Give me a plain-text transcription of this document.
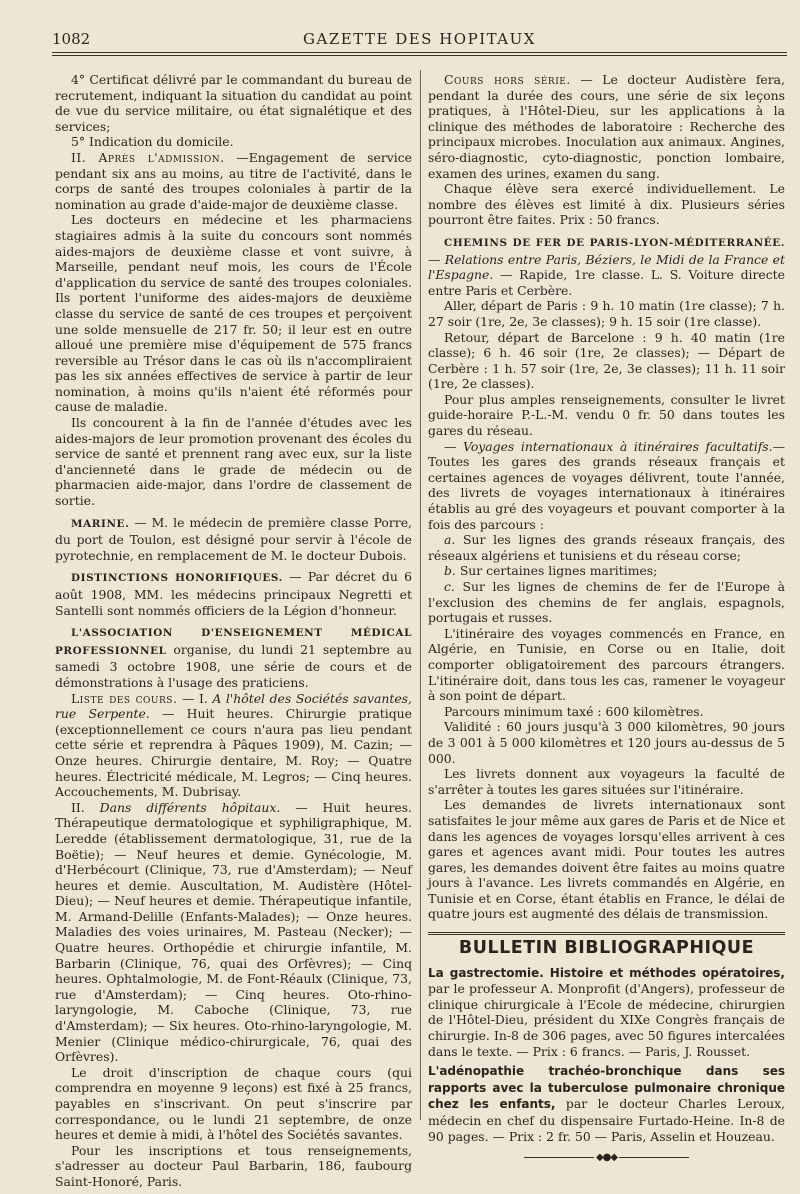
1082	GAZETTE DES HOPITAUX

4° Certificat délivré par le commandant du bureau de recrutement, indiquant la situation du candidat au point de vue du service militaire, ou état signalétique et des services;

5° Indication du domicile.

II. Après l'admission. —Engagement de service pendant six ans au moins, au titre de l'activité, dans le corps de santé des troupes coloniales à partir de la nomination au grade d'aide-major de deuxième classe.

Les docteurs en médecine et les pharmaciens stagiaires admis à la suite du concours sont nommés aides-majors de deuxième classe et vont suivre, à Marseille, pendant neuf mois, les cours de l'École d'application du service de santé des troupes coloniales. Ils portent l'uniforme des aides-majors de deuxième classe du service de santé de ces troupes et perçoivent une solde mensuelle de 217 fr. 50; il leur est en outre alloué une première mise d'équipement de 575 francs reversible au Trésor dans le cas où ils n'accompliraient pas les six années effectives de service à partir de leur nomination, à moins qu'ils n'aient été réformés pour cause de maladie.

Ils concourent à la fin de l'année d'études avec les aides-majors de leur promotion provenant des écoles du service de santé et prennent rang avec eux, sur la liste d'ancienneté dans le grade de médecin ou de pharmacien aide-major, dans l'ordre de classement de sortie.

MARINE. — M. le médecin de première classe Porre, du port de Toulon, est désigné pour servir à l'école de pyrotechnie, en remplacement de M. le docteur Dubois.

DISTINCTIONS HONORIFIQUES. — Par décret du 6 août 1908, MM. les médecins principaux Negretti et Santelli sont nommés officiers de la Légion d'honneur.

L'ASSOCIATION D'ENSEIGNEMENT MÉDICAL PROFESSIONNEL organise, du lundi 21 septembre au samedi 3 octobre 1908, une série de cours et de démonstrations à l'usage des praticiens.

Liste des cours. — I. A l'hôtel des Sociétés savantes, rue Serpente. — Huit heures. Chirurgie pratique (exceptionnellement ce cours n'aura pas lieu pendant cette série et reprendra à Pâques 1909), M. Cazin; — Onze heures. Chirurgie dentaire, M. Roy; — Quatre heures. Électricité médicale, M. Legros; — Cinq heures. Accouchements, M. Dubrisay.

II. Dans différents hôpitaux. — Huit heures. Thérapeutique dermatologique et syphiligraphique, M. Leredde (établissement dermatologique, 31, rue de la Boëtie); — Neuf heures et demie. Gynécologie, M. d'Herbécourt (Clinique, 73, rue d'Amsterdam); — Neuf heures et demie. Auscultation, M. Audistère (Hôtel-Dieu); — Neuf heures et demie. Thérapeutique infantile, M. Armand-Delille (Enfants-Malades); — Onze heures. Maladies des voies urinaires, M. Pasteau (Necker); — Quatre heures. Orthopédie et chirurgie infantile, M. Barbarin (Clinique, 76, quai des Orfèvres); — Cinq heures. Ophtalmologie, M. de Font-Réaulx (Clinique, 73, rue d'Amsterdam); — Cinq heures. Oto-rhino-laryngologie, M. Caboche (Clinique, 73, rue d'Amsterdam); — Six heures. Oto-rhino-laryngologie, M. Menier (Clinique médico-chirurgicale, 76, quai des Orfèvres).

Le droit d'inscription de chaque cours (qui comprendra en moyenne 9 leçons) est fixé à 25 francs, payables en s'inscrivant. On peut s'inscrire par correspondance, ou le lundi 21 septembre, de onze heures et demie à midi, à l'hôtel des Sociétés savantes.

Pour les inscriptions et tous renseignements, s'adresser au docteur Paul Barbarin, 186, faubourg Saint-Honoré, Paris.

Cours hors série. — Le docteur Audistère fera, pendant la durée des cours, une série de six leçons pratiques, à l'Hôtel-Dieu, sur les applications à la clinique des méthodes de laboratoire : Recherche des principaux microbes. Inoculation aux animaux. Angines, séro-diagnostic, cyto-diagnostic, ponction lombaire, examen des urines, examen du sang.

Chaque élève sera exercé individuellement. Le nombre des élèves est limité à dix. Plusieurs séries pourront être faites. Prix : 50 francs.

CHEMINS DE FER DE PARIS-LYON-MÉDITERRANÉE. — Relations entre Paris, Béziers, le Midi de la France et l'Espagne. — Rapide, 1re classe. L. S. Voiture directe entre Paris et Cerbère.

Aller, départ de Paris : 9 h. 10 matin (1re classe); 7 h. 27 soir (1re, 2e, 3e classes); 9 h. 15 soir (1re classe).

Retour, départ de Barcelone : 9 h. 40 matin (1re classe); 6 h. 46 soir (1re, 2e classes); — Départ de Cerbère : 1 h. 57 soir (1re, 2e, 3e classes); 11 h. 11 soir (1re, 2e classes).

Pour plus amples renseignements, consulter le livret guide-horaire P.-L.-M. vendu 0 fr. 50 dans toutes les gares du réseau.

— Voyages internationaux à itinéraires facultatifs.— Toutes les gares des grands réseaux français et certaines agences de voyages délivrent, toute l'année, des livrets de voyages internationaux à itinéraires établis au gré des voyageurs et pouvant comporter à la fois des parcours :

a. Sur les lignes des grands réseaux français, des réseaux algériens et tunisiens et du réseau corse;

b. Sur certaines lignes maritimes;

c. Sur les lignes de chemins de fer de l'Europe à l'exclusion des chemins de fer anglais, espagnols, portugais et russes.

L'itinéraire des voyages commencés en France, en Algérie, en Tunisie, en Corse ou en Italie, doit comporter obligatoirement des parcours étrangers. L'itinéraire doit, dans tous les cas, ramener le voyageur à son point de départ.

Parcours minimum taxé : 600 kilomètres.

Validité : 60 jours jusqu'à 3 000 kilomètres, 90 jours de 3 001 à 5 000 kilomètres et 120 jours au-dessus de 5 000.

Les livrets donnent aux voyageurs la faculté de s'arrêter à toutes les gares situées sur l'itinéraire.

Les demandes de livrets internationaux sont satisfaites le jour même aux gares de Paris et de Nice et dans les agences de voyages lorsqu'elles arrivent à ces gares et agences avant midi. Pour toutes les autres gares, les demandes doivent être faites au moins quatre jours à l'avance. Les livrets commandés en Algérie, en Tunisie et en Corse, étant établis en France, le délai de quatre jours est augmenté des délais de transmission.

BULLETIN BIBLIOGRAPHIQUE

La gastrectomie. Histoire et méthodes opératoires, par le professeur A. Monprofit (d'Angers), professeur de clinique chirurgicale à l'Ecole de médecine, chirurgien de l'Hôtel-Dieu, président du XIXe Congrès français de chirurgie. In-8 de 306 pages, avec 50 figures intercalées dans le texte. — Prix : 6 francs. — Paris, J. Rousset.

L'adénopathie trachéo-bronchique dans ses rapports avec la tuberculose pulmonaire chronique chez les enfants, par le docteur Charles Leroux, médecin en chef du dispensaire Furtado-Heine. In-8 de 90 pages. — Prix : 2 fr. 50 — Paris, Asselin et Houzeau.

◆●◆
